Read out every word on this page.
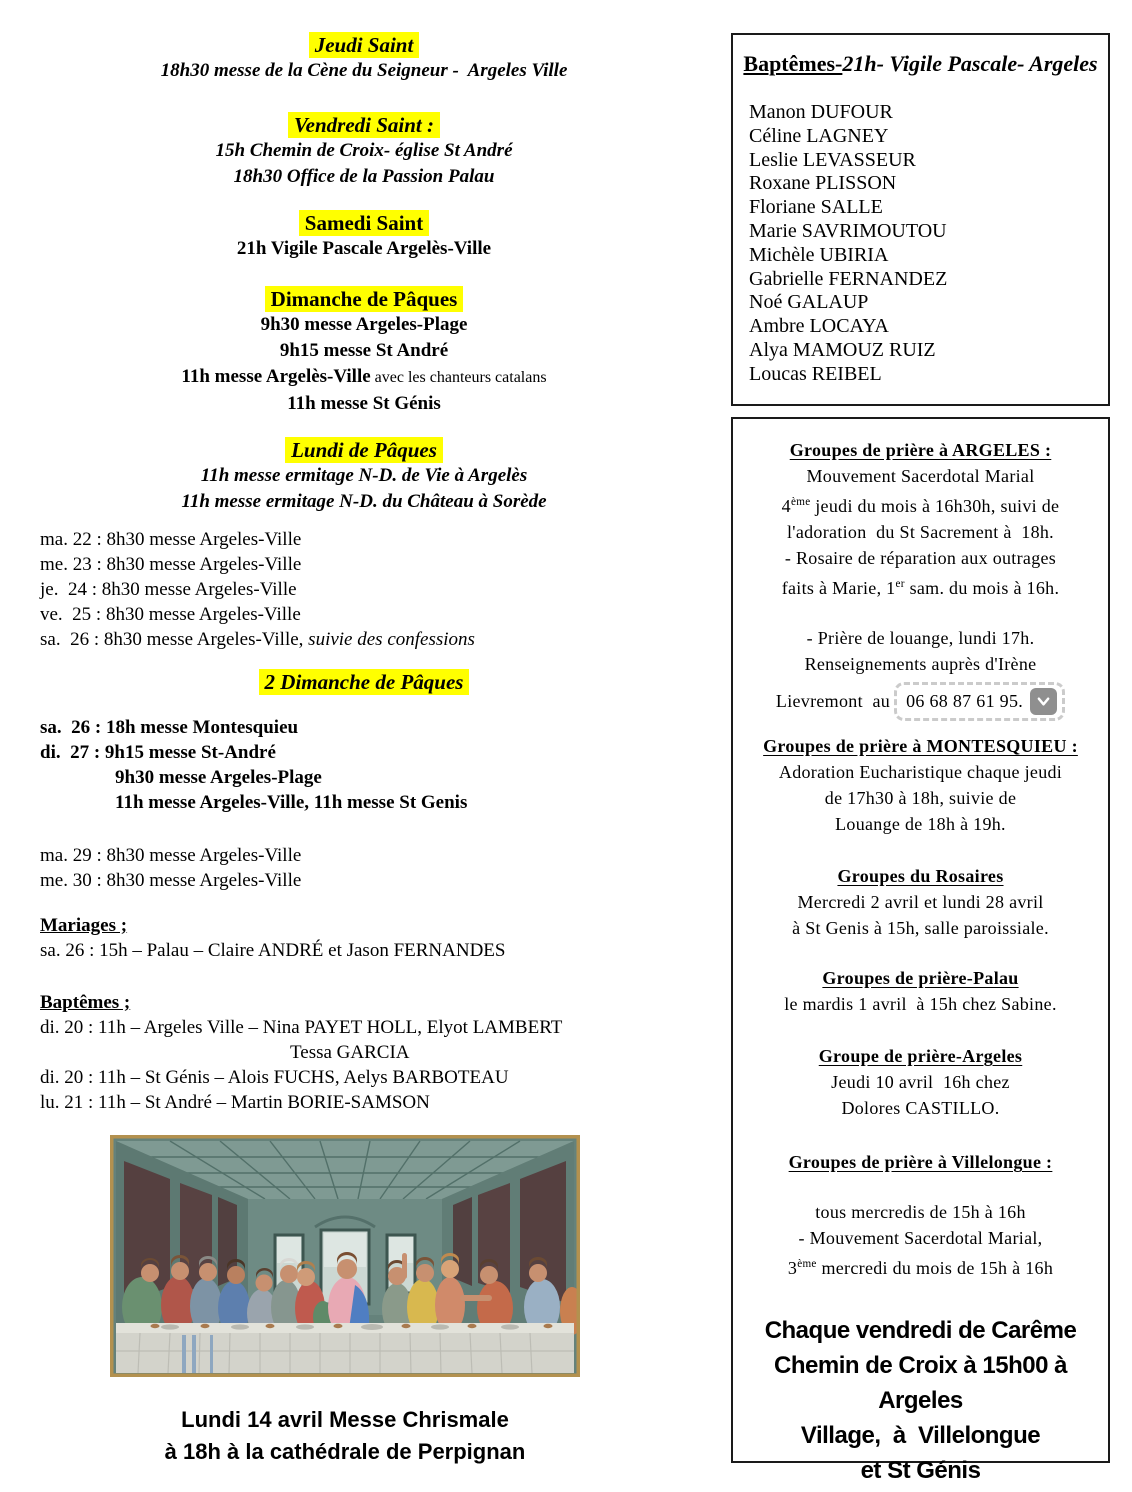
Jeudi Saint
18h30 messe de la Cène du Seigneur -  Argeles Ville
Vendredi Saint :
15h Chemin de Croix- église St André
18h30 Office de la Passion Palau
Samedi Saint
21h Vigile Pascale Argelès-Ville
Dimanche de Pâques
9h30 messe Argeles-Plage
9h15 messe St André
11h messe Argelès-Ville avec les chanteurs catalans
11h messe St Génis
Lundi de Pâques
11h messe ermitage N-D. de Vie à Argelès
11h messe ermitage N-D. du Château à Sorède
ma. 22 : 8h30 messe Argeles-Ville
me. 23 : 8h30 messe Argeles-Ville
je.  24 : 8h30 messe Argeles-Ville
ve.  25 : 8h30 messe Argeles-Ville
sa.  26 : 8h30 messe Argeles-Ville, suivie des confessions
2 Dimanche de Pâques
sa.  26 : 18h messe Montesquieu
di.  27 : 9h15 messe St-André
9h30 messe Argeles-Plage
11h messe Argeles-Ville, 11h messe St Genis
ma. 29 : 8h30 messe Argeles-Ville
me. 30 : 8h30 messe Argeles-Ville
Mariages ;
sa. 26 : 15h – Palau – Claire ANDRÉ et Jason FERNANDES
Baptêmes ;
di. 20 : 11h – Argeles Ville – Nina PAYET HOLL, Elyot LAMBERT
Tessa GARCIA
di. 20 : 11h – St Génis – Alois FUCHS, Aelys BARBOTEAU
lu. 21 : 11h – St André – Martin BORIE-SAMSON
Lundi 14 avril Messe Chrismale
à 18h à la cathédrale de Perpignan
Baptêmes-21h- Vigile Pascale- Argeles
Manon DUFOUR
Céline LAGNEY
Leslie LEVASSEUR
Roxane PLISSON
Floriane SALLE
Marie SAVRIMOUTOU
Michèle UBIRIA
Gabrielle FERNANDEZ
Noé GALAUP
Ambre LOCAYA
Alya MAMOUZ RUIZ
Loucas REIBEL
Groupes de prière à ARGELES :
Mouvement Sacerdotal Marial
4ème jeudi du mois à 16h30h, suivi de
l'adoration  du St Sacrement à  18h.
- Rosaire de réparation aux outrages
faits à Marie, 1er sam. du mois à 16h.
- Prière de louange, lundi 17h.
Renseignements auprès d'Irène
Lievremont  au 06 68 87 61 95.
Groupes de prière à MONTESQUIEU :
Adoration Eucharistique chaque jeudi
de 17h30 à 18h, suivie de
Louange de 18h à 19h.
Groupes du Rosaires
Mercredi 2 avril et lundi 28 avril
à St Genis à 15h, salle paroissiale.
Groupes de prière-Palau
le mardis 1 avril  à 15h chez Sabine.
Groupe de prière-Argeles
Jeudi 10 avril  16h chez
Dolores CASTILLO.
Groupes de prière à Villelongue :
tous mercredis de 15h à 16h
- Mouvement Sacerdotal Marial,
3ème mercredi du mois de 15h à 16h
Chaque vendredi de Carême
Chemin de Croix à 15h00 à Argeles
Village,  à  Villelongue
et St Génis
